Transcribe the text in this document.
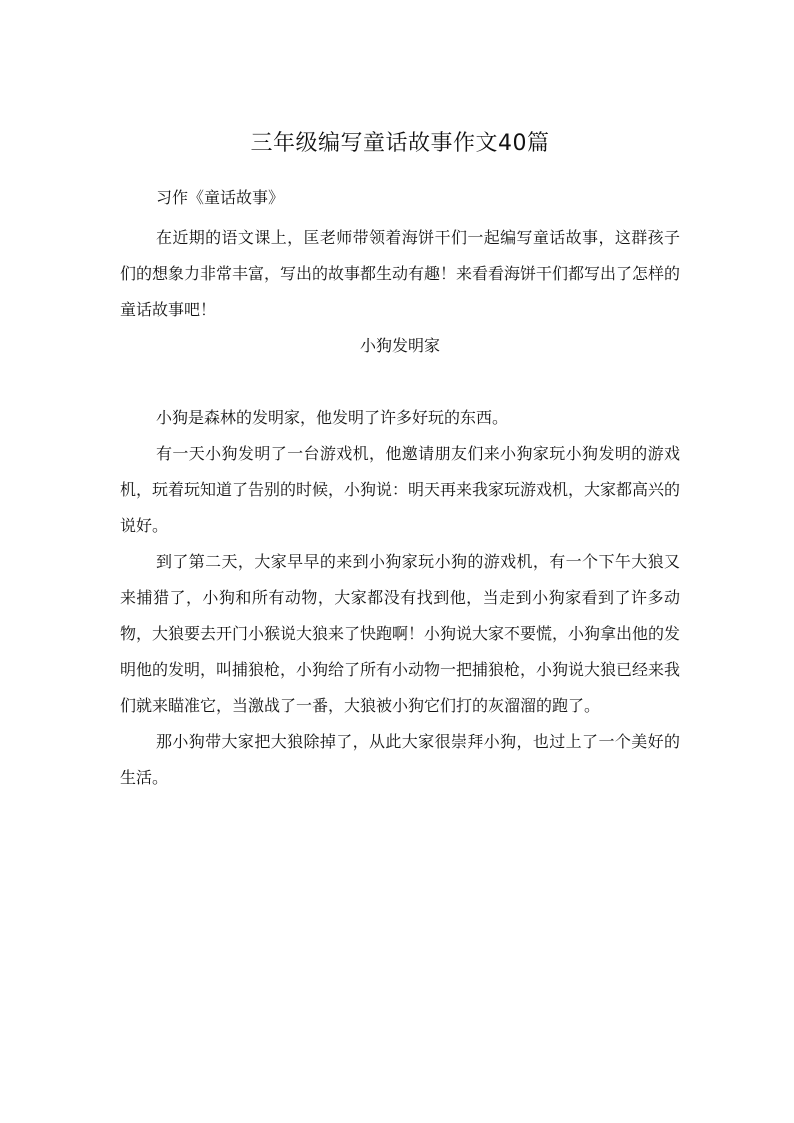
三年级编写童话故事作文40篇

习作《童话故事》

在近期的语文课上，匡老师带领着海饼干们一起编写童话故事，这群孩子们的想象力非常丰富，写出的故事都生动有趣！来看看海饼干们都写出了怎样的童话故事吧！

小狗发明家

小狗是森林的发明家，他发明了许多好玩的东西。

有一天小狗发明了一台游戏机，他邀请朋友们来小狗家玩小狗发明的游戏机，玩着玩知道了告别的时候，小狗说：明天再来我家玩游戏机，大家都高兴的说好。

到了第二天，大家早早的来到小狗家玩小狗的游戏机，有一个下午大狼又来捕猎了，小狗和所有动物，大家都没有找到他，当走到小狗家看到了许多动物，大狼要去开门小猴说大狼来了快跑啊！小狗说大家不要慌，小狗拿出他的发明他的发明，叫捕狼枪，小狗给了所有小动物一把捕狼枪，小狗说大狼已经来我们就来瞄准它，当激战了一番，大狼被小狗它们打的灰溜溜的跑了。

那小狗带大家把大狼除掉了，从此大家很崇拜小狗，也过上了一个美好的生活。
